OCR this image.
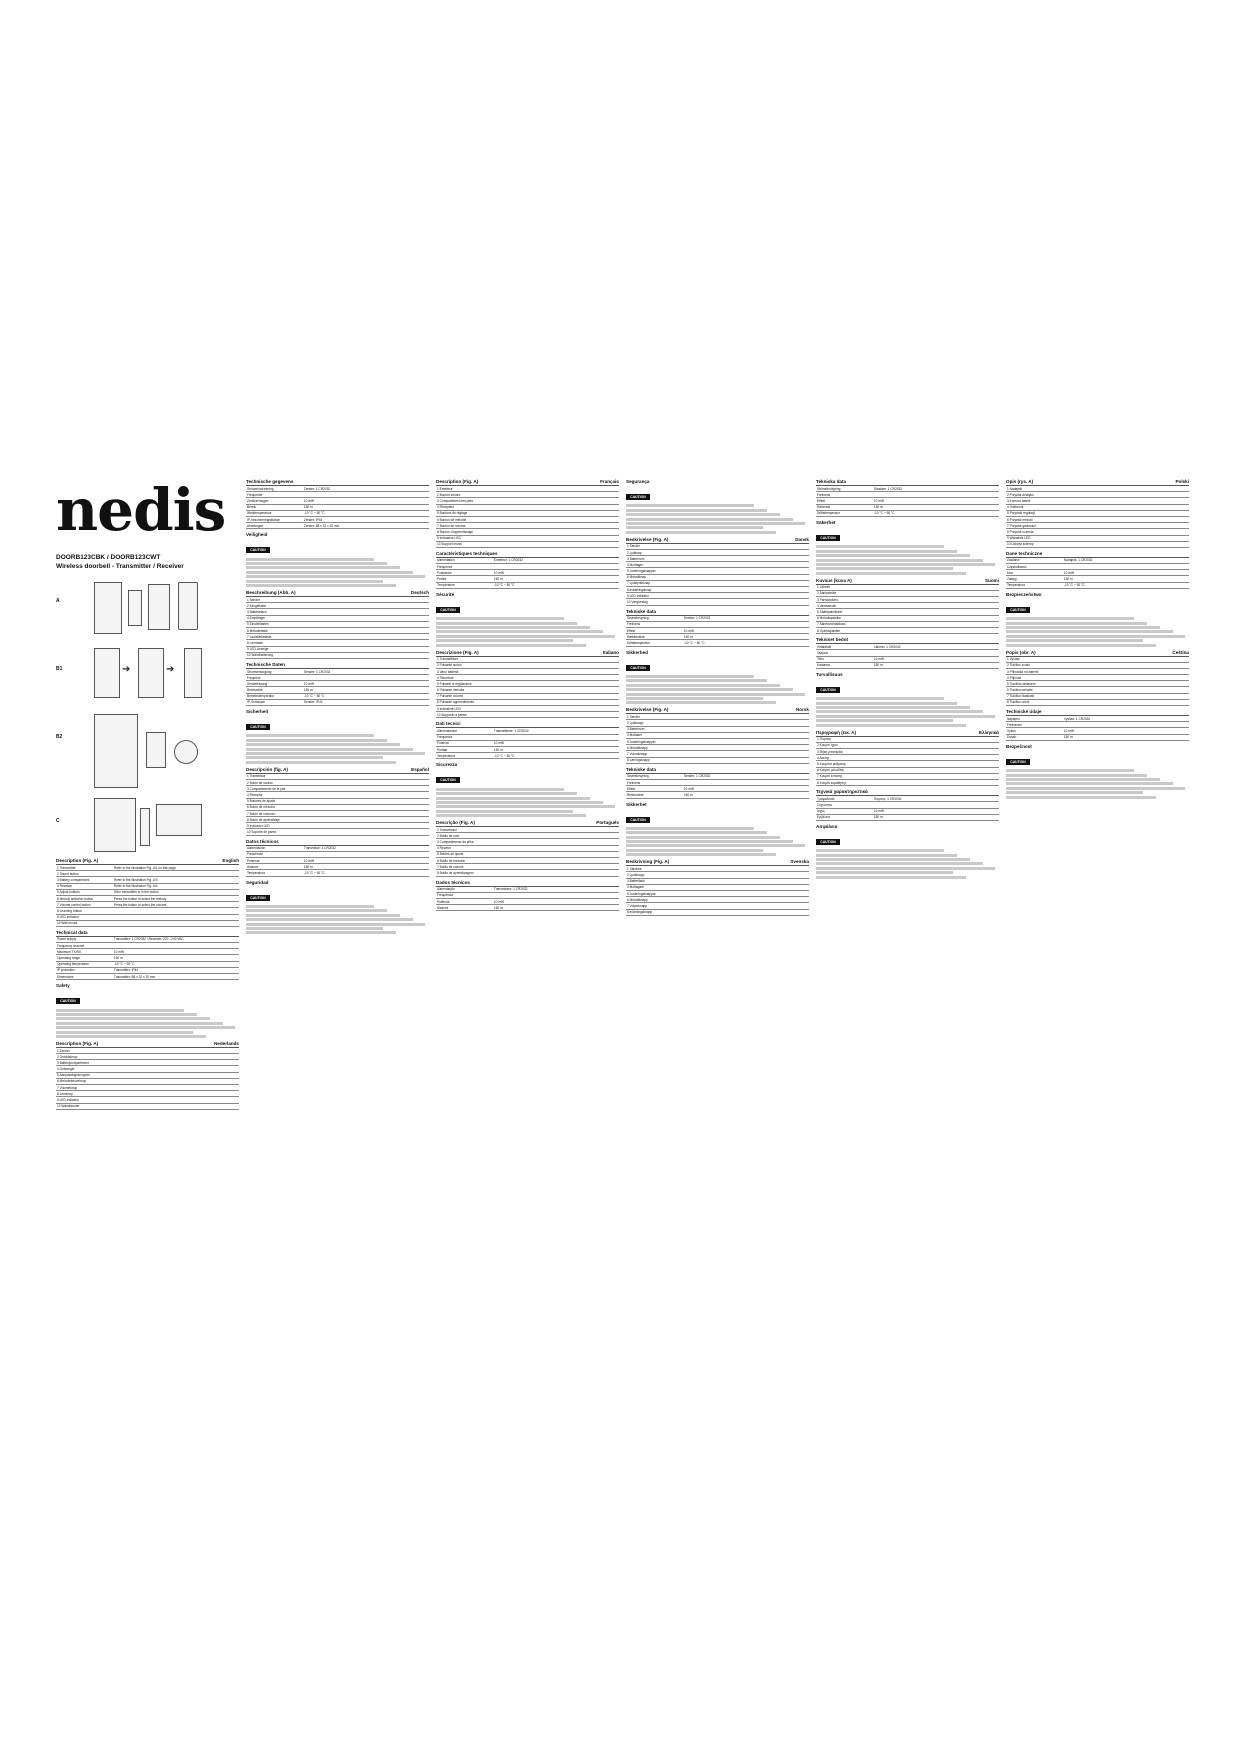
nedis
DOORB123CBK / DOORB123CWT
Wireless doorbell - Transmitter / Receiver
A
B1	➔	➔
B2
C
Description (Fig. A)	English
1 Transmitter	Refer to the illustration Fig. A/1 on this page
2 Sound button
3 Battery compartment	Refer to the illustration Fig. A/3
4 Receiver	Refer to the illustration Fig. A/4
5 Adjust buttons	If the transmitter is in the button
6 Melody selection button	Press the button to select the melody
7 Volume control button	Press the button to select the volume
8 Learning button
9 LED indicator
10 Wall mount
Technical data
Power supply	Transmitter: 1 CR2032 / Receiver: 220 - 240 VAC
Frequency channel
Maximum TX/RX	10 mW
Operating range	150 m
Operating temperature	-10 °C ~ 50 °C
IP protection	Transmitter: IP44
Dimensions	Transmitter: 88 x 32 x 20 mm
Safety
CAUTION
Description (Fig. A)	Nederlands
1 Zender
2 Geluidsknop
3 Batterijcompartiment
4 Ontvanger
5 Aanpassingsknoppen
6 Melodiekeuzeknop
7 Volumeknop
8 Leerknop
9 LED-indicator
10 Wandhouder
Technische gegevens
Stroomvoorziening	Zender: 1 CR2032
Frequentie
Zendvermogen	10 mW
Bereik	150 m
Werktemperatuur	-10 °C ~ 50 °C
IP-beschermingsklasse	Zender: IP44
Afmetingen	Zender: 88 x 32 x 20 mm
Veiligheid
CAUTION
Beschreibung (Abb. A)	Deutsch
1 Sender
2 Klingeltaste
3 Batteriefach
4 Empfänger
5 Einstelltasten
6 Melodietaste
7 Lautstärketaste
8 Lerntaste
9 LED-Anzeige
10 Wandhalterung
Technische Daten
Stromversorgung	Sender: 1 CR2032
Frequenz
Sendeleistung	10 mW
Reichweite	150 m
Betriebstemperatur	-10 °C ~ 50 °C
IP-Schutzart	Sender: IP44
Sicherheit
CAUTION
Descripción (fig. A)	Español
1 Transmisor
2 Botón de sonido
3 Compartimento de la pila
4 Receptor
5 Botones de ajuste
6 Botón de melodía
7 Botón de volumen
8 Botón de aprendizaje
9 Indicador LED
10 Soporte de pared
Datos técnicos
Alimentación	Transmisor: 1 CR2032
Frecuencia
Potencia	10 mW
Alcance	150 m
Temperatura	-10 °C ~ 50 °C
Seguridad
CAUTION
Description (Fig. A)	Français
1 Émetteur
2 Bouton sonore
3 Compartiment des piles
4 Récepteur
5 Boutons de réglage
6 Bouton de mélodie
7 Bouton de volume
8 Bouton d'apprentissage
9 Indicateur LED
10 Support mural
Caractéristiques techniques
Alimentation	Émetteur: 1 CR2032
Fréquence
Puissance	10 mW
Portée	150 m
Température	-10 °C ~ 50 °C
Sécurité
CAUTION
Descrizione (Fig. A)	Italiano
1 Trasmettitore
2 Pulsante suono
3 Vano batteria
4 Ricevitore
5 Pulsanti di regolazione
6 Pulsante melodia
7 Pulsante volume
8 Pulsante apprendimento
9 Indicatore LED
10 Supporto a parete
Dati tecnici
Alimentazione	Trasmettitore: 1 CR2032
Frequenza
Potenza	10 mW
Portata	150 m
Temperatura	-10 °C ~ 50 °C
Sicurezza
CAUTION
Descrição (Fig. A)	Português
1 Transmissor
2 Botão de som
3 Compartimento da pilha
4 Recetor
5 Botões de ajuste
6 Botão de melodia
7 Botão de volume
8 Botão de aprendizagem
Dados técnicos
Alimentação	Transmissor: 1 CR2032
Frequência
Potência	10 mW
Alcance	150 m
Segurança
CAUTION
Beskrivelse (Fig. A)	Dansk
1 Sender
2 Lydknap
3 Batterirum
4 Modtager
5 Justeringsknapper
6 Melodiknap
7 Lydstyrkeknap
8 Indlæringsknap
9 LED-indikator
10 Vægbeslag
Tekniske data
Strømforsyning	Sender: 1 CR2032
Frekvens
Effekt	10 mW
Rækkevidde	150 m
Driftstemperatur	-10 °C ~ 50 °C
Sikkerhed
CAUTION
Beskrivelse (Fig. A)	Norsk
1 Sender
2 Lydknapp
3 Batterirom
4 Mottaker
5 Justeringsknapper
6 Melodiknapp
7 Volumknapp
8 Læringsknapp
Tekniske data
Strømforsyning	Sender: 1 CR2032
Frekvens
Effekt	10 mW
Rekkevidde	150 m
Sikkerhet
CAUTION
Beskrivning (Fig. A)	Svenska
1 Sändare
2 Ljudknapp
3 Batterifack
4 Mottagare
5 Justeringsknappar
6 Melodiknapp
7 Volymknapp
8 Inlärningsknapp
Tekniska data
Strömförsörjning	Sändare: 1 CR2032
Frekvens
Effekt	10 mW
Räckvidd	150 m
Driftstemperatur	-10 °C ~ 50 °C
Säkerhet
CAUTION
Kuvaus (kuva A)	Suomi
1 Lähetin
2 Äänipainike
3 Paristolokero
4 Vastaanotin
5 Säätöpainikkeet
6 Melodiapainike
7 Äänenvoimakkuus
8 Opetuspainike
Tekniset tiedot
Virtalähde	Lähetin: 1 CR2032
Taajuus
Teho	10 mW
Kantama	150 m
Turvallisuus
CAUTION
Περιγραφή (εικ. A)	Ελληνικά
1 Πομπός
2 Κουμπί ήχου
3 Θήκη μπαταρίας
4 Δέκτης
5 Κουμπιά ρύθμισης
6 Κουμπί μελωδίας
7 Κουμπί έντασης
8 Κουμπί εκμάθησης
Τεχνικά χαρακτηριστικά
Τροφοδοσία	Πομπός: 1 CR2032
Συχνότητα
Ισχύς	10 mW
Εμβέλεια	150 m
Ασφάλεια
CAUTION
Opis (rys. A)	Polski
1 Nadajnik
2 Przycisk dźwięku
3 Komora baterii
4 Odbiornik
5 Przyciski regulacji
6 Przycisk melodii
7 Przycisk głośności
8 Przycisk uczenia
9 Wskaźnik LED
10 Uchwyt ścienny
Dane techniczne
Zasilanie	Nadajnik: 1 CR2032
Częstotliwość
Moc	10 mW
Zasięg	150 m
Temperatura	-10 °C ~ 50 °C
Bezpieczeństwo
CAUTION
Popis (obr. A)	Čeština
1 Vysílač
2 Tlačítko zvuku
3 Přihrádka na baterie
4 Přijímač
5 Tlačítka nastavení
6 Tlačítko melodie
7 Tlačítko hlasitosti
8 Tlačítko učení
Technické údaje
Napájení	Vysílač: 1 CR2032
Frekvence
Výkon	10 mW
Dosah	150 m
Bezpečnost
CAUTION
